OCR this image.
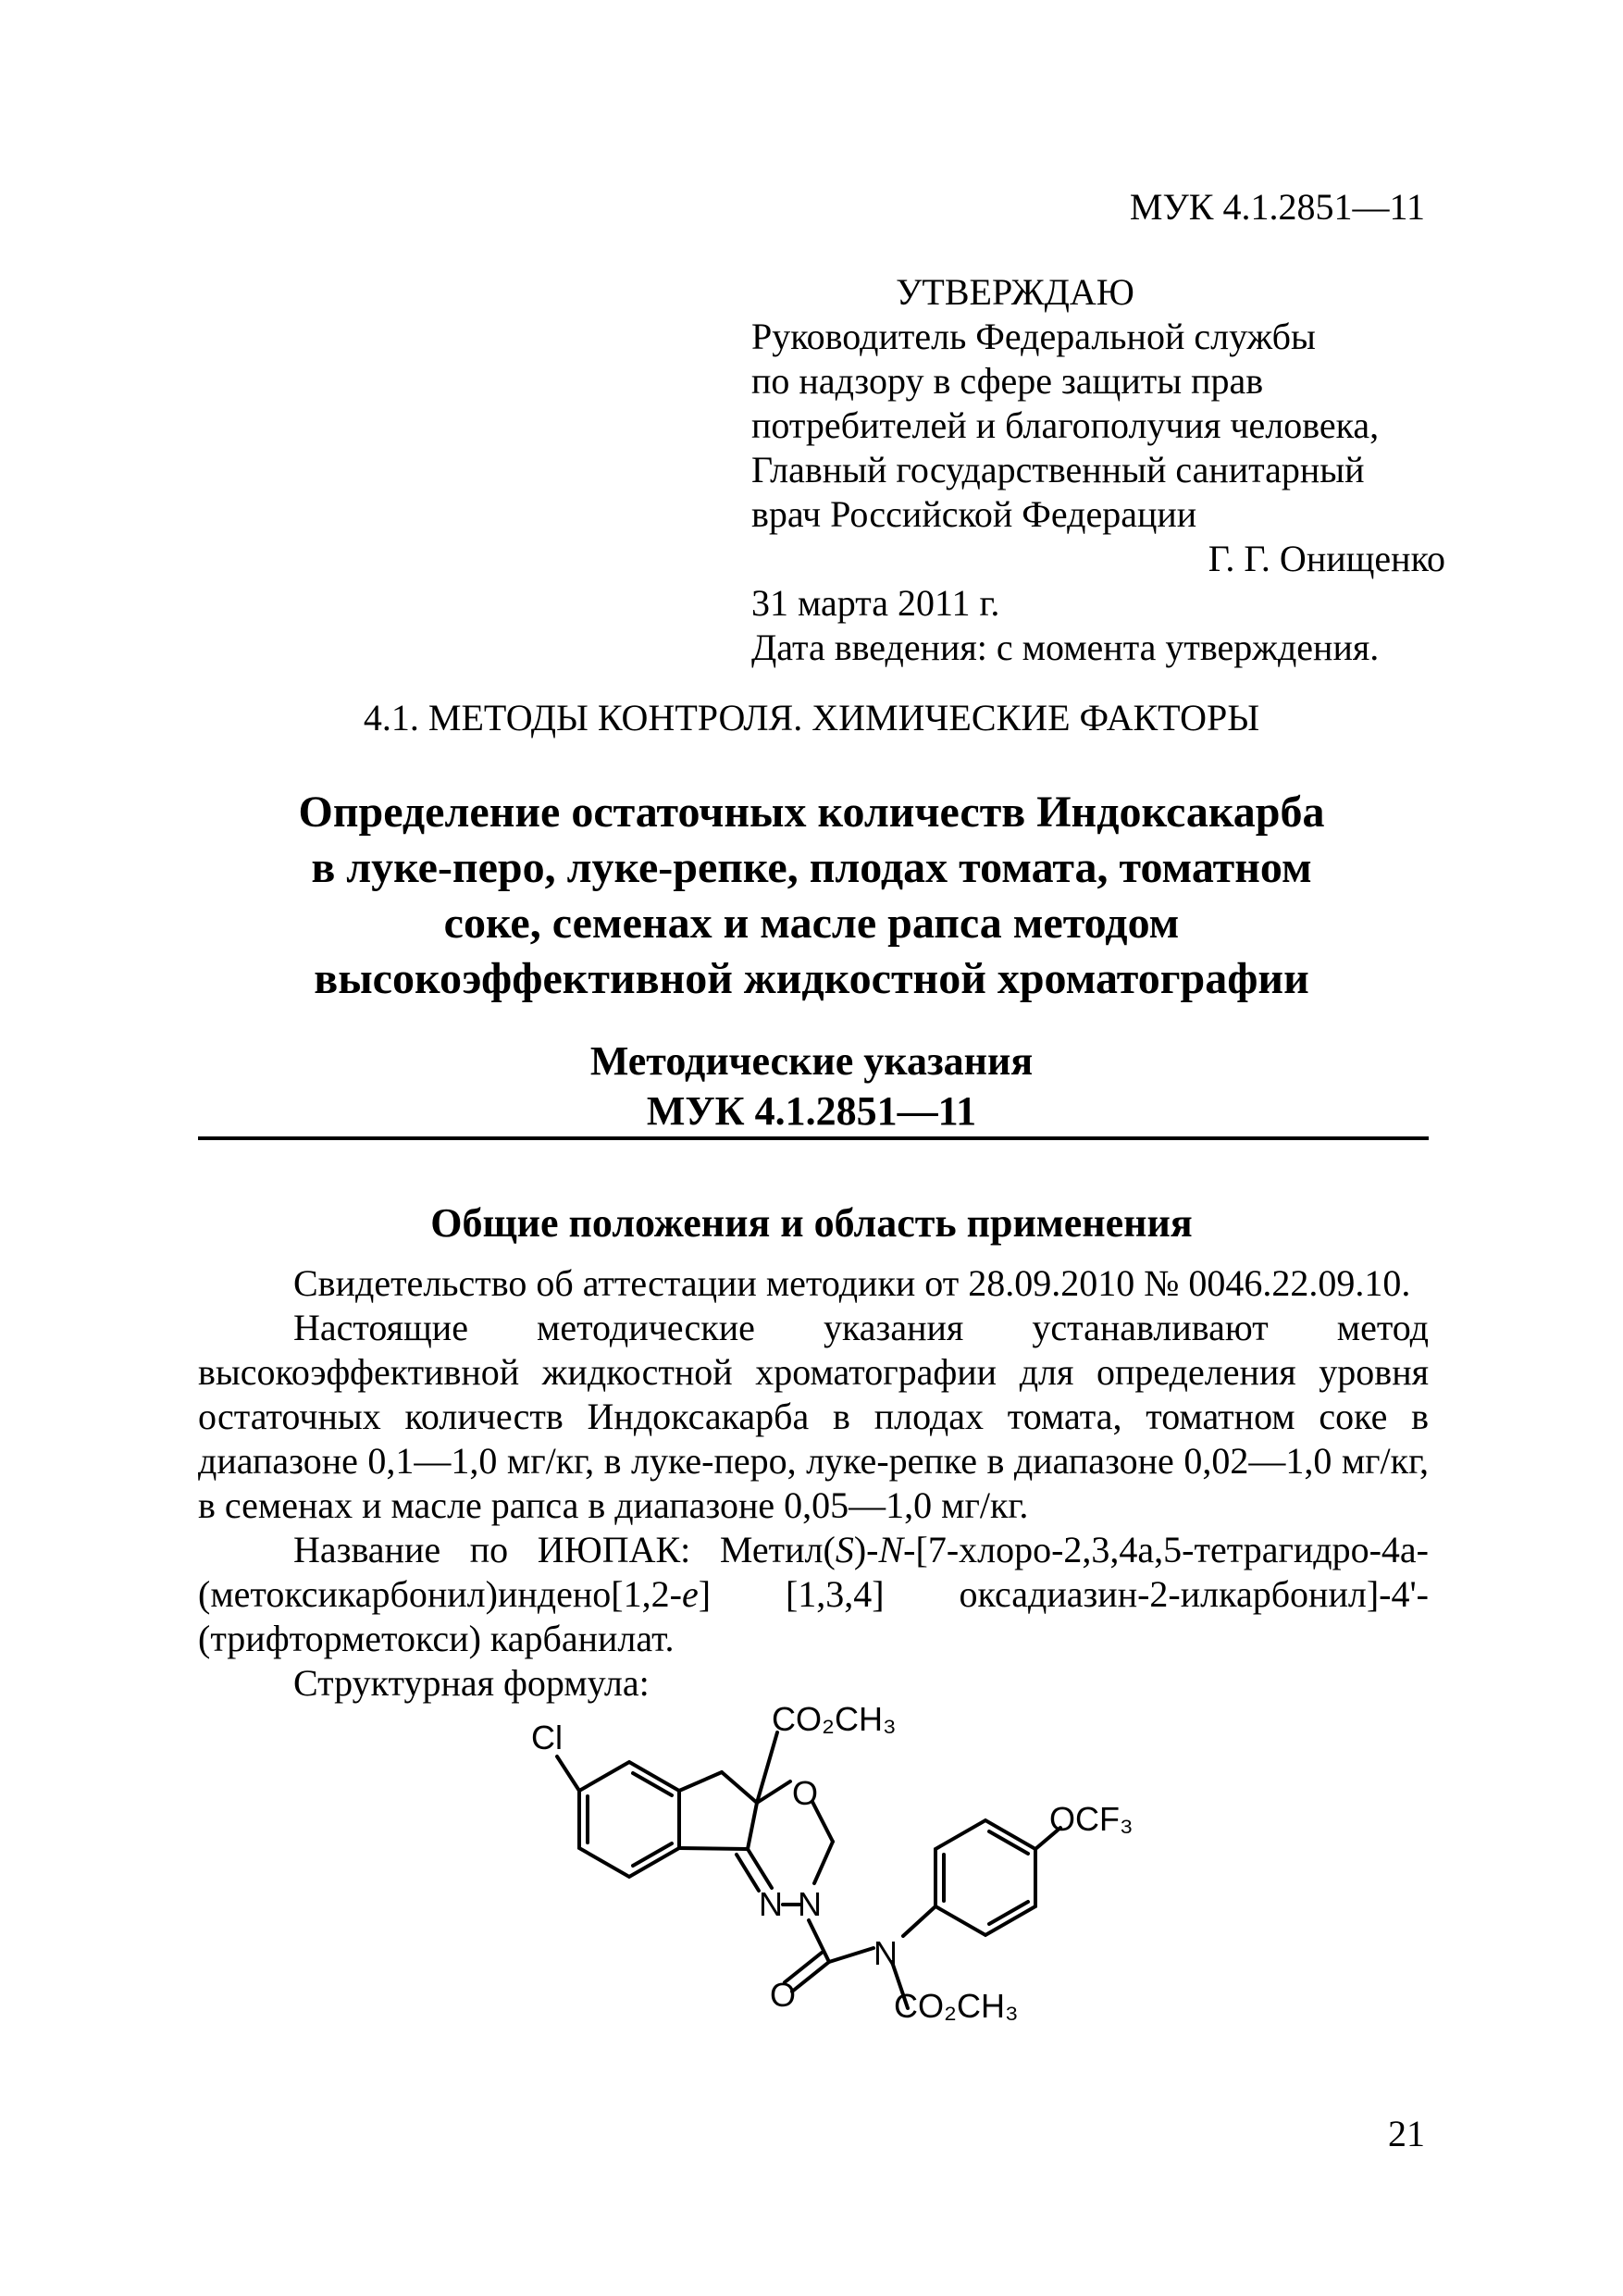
МУК 4.1.2851—11
УТВЕРЖДАЮ
Руководитель Федеральной службы
по надзору в сфере защиты прав
потребителей и благополучия человека,
Главный государственный санитарный
врач Российской Федерации
Г. Г. Онищенко
31 марта 2011 г.
Дата введения: с момента утверждения.
4.1. МЕТОДЫ КОНТРОЛЯ. ХИМИЧЕСКИЕ ФАКТОРЫ
Определение остаточных количеств Индоксакарба
в луке-перо, луке-репке, плодах томата, томатном
соке, семенах и масле рапса методом
высокоэффективной жидкостной хроматографии
Методические указания
МУК 4.1.2851—11
Общие положения и область применения

Свидетельство об аттестации методики от 28.09.2010 № 0046.22.09.10.

Настоящие методические указания устанавливают метод высокоэффективной жидкостной хроматографии для определения уровня остаточных количеств Индоксакарба в плодах томата, томатном соке в диапазоне 0,1—1,0 мг/кг, в луке-перо, луке-репке в диапазоне 0,02—1,0 мг/кг, в семенах и масле рапса в диапазоне 0,05—1,0 мг/кг.

Название по ИЮПАК: Метил(S)-N-[7-хлоро-2,3,4а,5-тетрагидро-4а-(метоксикарбонил)индено[1,2-e] [1,3,4] оксадиазин-2-илкарбонил]-4'-(трифторметокси) карбанилат.

Структурная формула:

Cl	CO₂CH₃
O
N N
N
O	CO₂CH₃
OCF₃
21
